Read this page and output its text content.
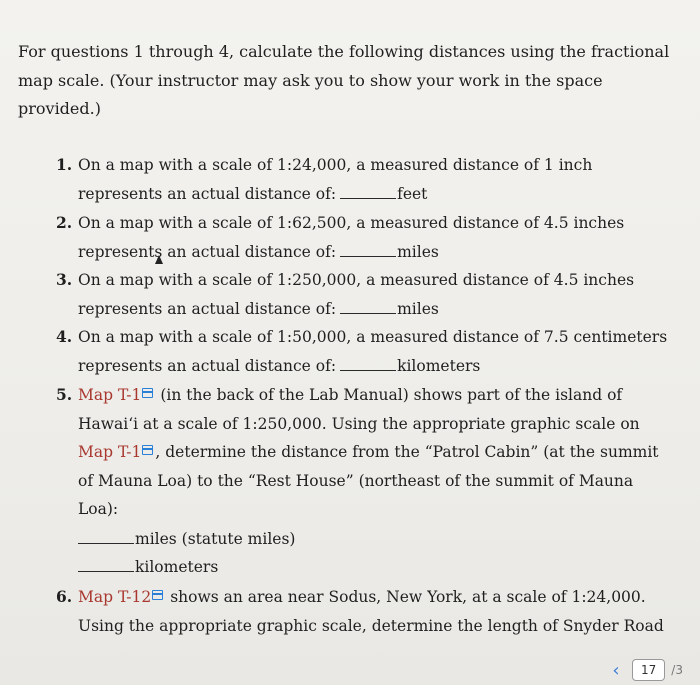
For questions 1 through 4, calculate the following distances using the fractional
map scale. (Your instructor may ask you to show your work in the space
provided.)

1. On a map with a scale of 1:24,000, a measured distance of 1 inch
represents an actual distance of:	feet
2. On a map with a scale of 1:62,500, a measured distance of 4.5 inches
represents an actual distance of:	miles
3. On a map with a scale of 1:250,000, a measured distance of 4.5 inches
represents an actual distance of:	miles
4. On a map with a scale of 1:50,000, a measured distance of 7.5 centimeters
represents an actual distance of:	kilometers
5. Map T-1 (in the back of the Lab Manual) shows part of the island of
Hawai‘i at a scale of 1:250,000. Using the appropriate graphic scale on
Map T-1 , determine the distance from the “Patrol Cabin” (at the summit
of Mauna Loa) to the “Rest House” (northeast of the summit of Mauna
Loa):
miles (statute miles)
kilometers
6. Map T-12 shows an area near Sodus, New York, at a scale of 1:24,000.
Using the appropriate graphic scale, determine the length of Snyder Road
‹	17	/3
